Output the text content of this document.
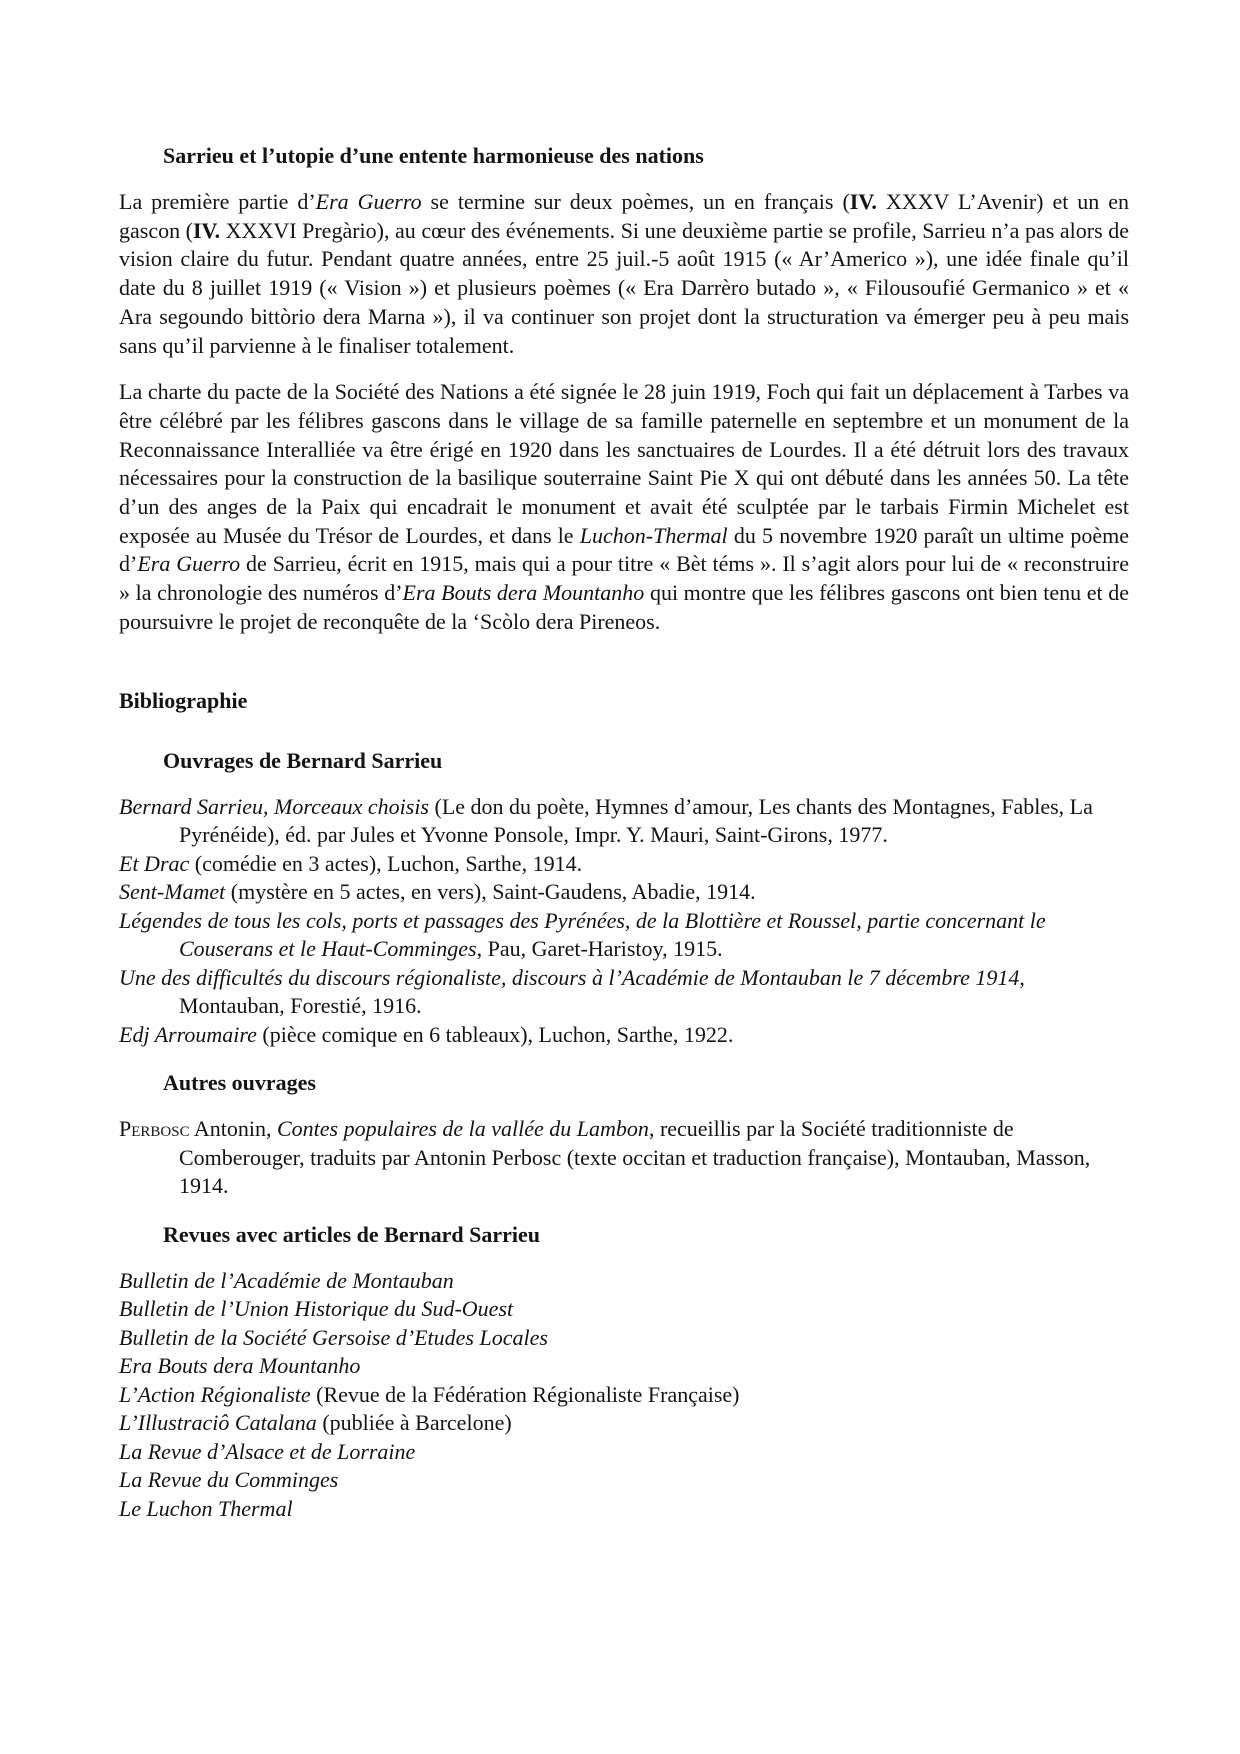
Sarrieu et l’utopie d’une entente harmonieuse des nations

La première partie d’Era Guerro se termine sur deux poèmes, un en français (IV. XXXV L’Avenir) et un en gascon (IV. XXXVI Pregàrio), au cœur des événements. Si une deuxième partie se profile, Sarrieu n’a pas alors de vision claire du futur. Pendant quatre années, entre 25 juil.-5 août 1915 (« Ar’Americo »), une idée finale qu’il date du 8 juillet 1919 (« Vision ») et plusieurs poèmes (« Era Darrèro butado », « Filousoufié Germanico » et « Ara segoundo bittòrio dera Marna »), il va continuer son projet dont la structuration va émerger peu à peu mais sans qu’il parvienne à le finaliser totalement.

La charte du pacte de la Société des Nations a été signée le 28 juin 1919, Foch qui fait un déplacement à Tarbes va être célébré par les félibres gascons dans le village de sa famille paternelle en septembre et un monument de la Reconnaissance Interalliée va être érigé en 1920 dans les sanctuaires de Lourdes. Il a été détruit lors des travaux nécessaires pour la construction de la basilique souterraine Saint Pie X qui ont débuté dans les années 50. La tête d’un des anges de la Paix qui encadrait le monument et avait été sculptée par le tarbais Firmin Michelet est exposée au Musée du Trésor de Lourdes, et dans le Luchon-Thermal du 5 novembre 1920 paraît un ultime poème d’Era Guerro de Sarrieu, écrit en 1915, mais qui a pour titre « Bèt téms ». Il s’agit alors pour lui de « reconstruire » la chronologie des numéros d’Era Bouts dera Mountanho qui montre que les félibres gascons ont bien tenu et de poursuivre le projet de reconquête de la ‘Scòlo dera Pireneos.

Bibliographie
Ouvrages de Bernard Sarrieu
Bernard Sarrieu, Morceaux choisis (Le don du poète, Hymnes d’amour, Les chants des Montagnes, Fables, La Pyrénéide), éd. par Jules et Yvonne Ponsole, Impr. Y. Mauri, Saint-Girons, 1977.
Et Drac (comédie en 3 actes), Luchon, Sarthe, 1914.
Sent-Mamet (mystère en 5 actes, en vers), Saint-Gaudens, Abadie, 1914.
Légendes de tous les cols, ports et passages des Pyrénées, de la Blottière et Roussel, partie concernant le Couserans et le Haut-Comminges, Pau, Garet-Haristoy, 1915.
Une des difficultés du discours régionaliste, discours à l’Académie de Montauban le 7 décembre 1914, Montauban, Forestié, 1916.
Edj Arroumaire (pièce comique en 6 tableaux), Luchon, Sarthe, 1922.
Autres ouvrages
Perbosc Antonin, Contes populaires de la vallée du Lambon, recueillis par la Société traditionniste de Comberouger, traduits par Antonin Perbosc (texte occitan et traduction française), Montauban, Masson, 1914.
Revues avec articles de Bernard Sarrieu
Bulletin de l’Académie de Montauban
Bulletin de l’Union Historique du Sud-Ouest
Bulletin de la Société Gersoise d’Etudes Locales
Era Bouts dera Mountanho
L’Action Régionaliste (Revue de la Fédération Régionaliste Française)
L’Illustraciô Catalana (publiée à Barcelone)
La Revue d’Alsace et de Lorraine
La Revue du Comminges
Le Luchon Thermal
